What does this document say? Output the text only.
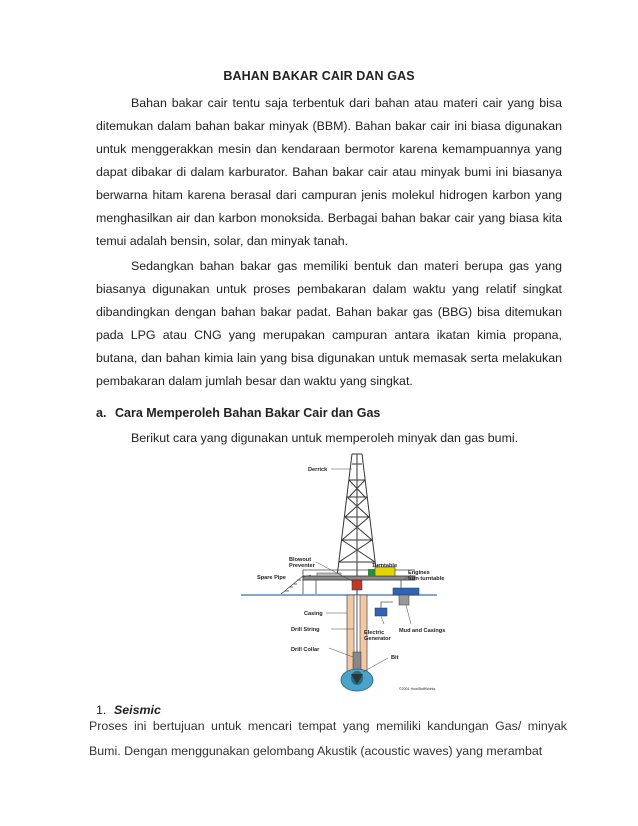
BAHAN BAKAR CAIR DAN GAS

Bahan bakar cair tentu saja terbentuk dari bahan atau materi cair yang bisa ditemukan dalam bahan bakar minyak (BBM). Bahan bakar cair ini biasa digunakan untuk menggerakkan mesin dan kendaraan bermotor karena kemampuannya yang dapat dibakar di dalam karburator. Bahan bakar cair atau minyak bumi ini biasanya berwarna hitam karena berasal dari campuran jenis molekul hidrogen karbon yang menghasilkan air dan karbon monoksida. Berbagai bahan bakar cair yang biasa kita temui adalah bensin, solar, dan minyak tanah.

Sedangkan bahan bakar gas memiliki bentuk dan materi berupa gas yang biasanya digunakan untuk proses pembakaran dalam waktu yang relatif singkat dibandingkan dengan bahan bakar padat. Bahan bakar gas (BBG) bisa ditemukan pada LPG atau CNG yang merupakan campuran antara ikatan kimia propana, butana, dan bahan kimia lain yang bisa digunakan untuk memasak serta melakukan pembakaran dalam jumlah besar dan waktu yang singkat.

a. Cara Memperoleh Bahan Bakar Cair dan Gas
Berikut cara yang digunakan untuk memperoleh minyak dan gas bumi.
Derrick
Blowout
Preventer	Turntable
Engines
turn turntable
Spare Pipe
Casing
Mud and Casings
Drill String	Electric
Generator
Drill Collar
Bit
©2001 HowStuffWorks
1. Seismic

Proses ini bertujuan untuk mencari tempat yang memiliki kandungan Gas/ minyak Bumi. Dengan menggunakan gelombang Akustik (acoustic waves) yang merambat
